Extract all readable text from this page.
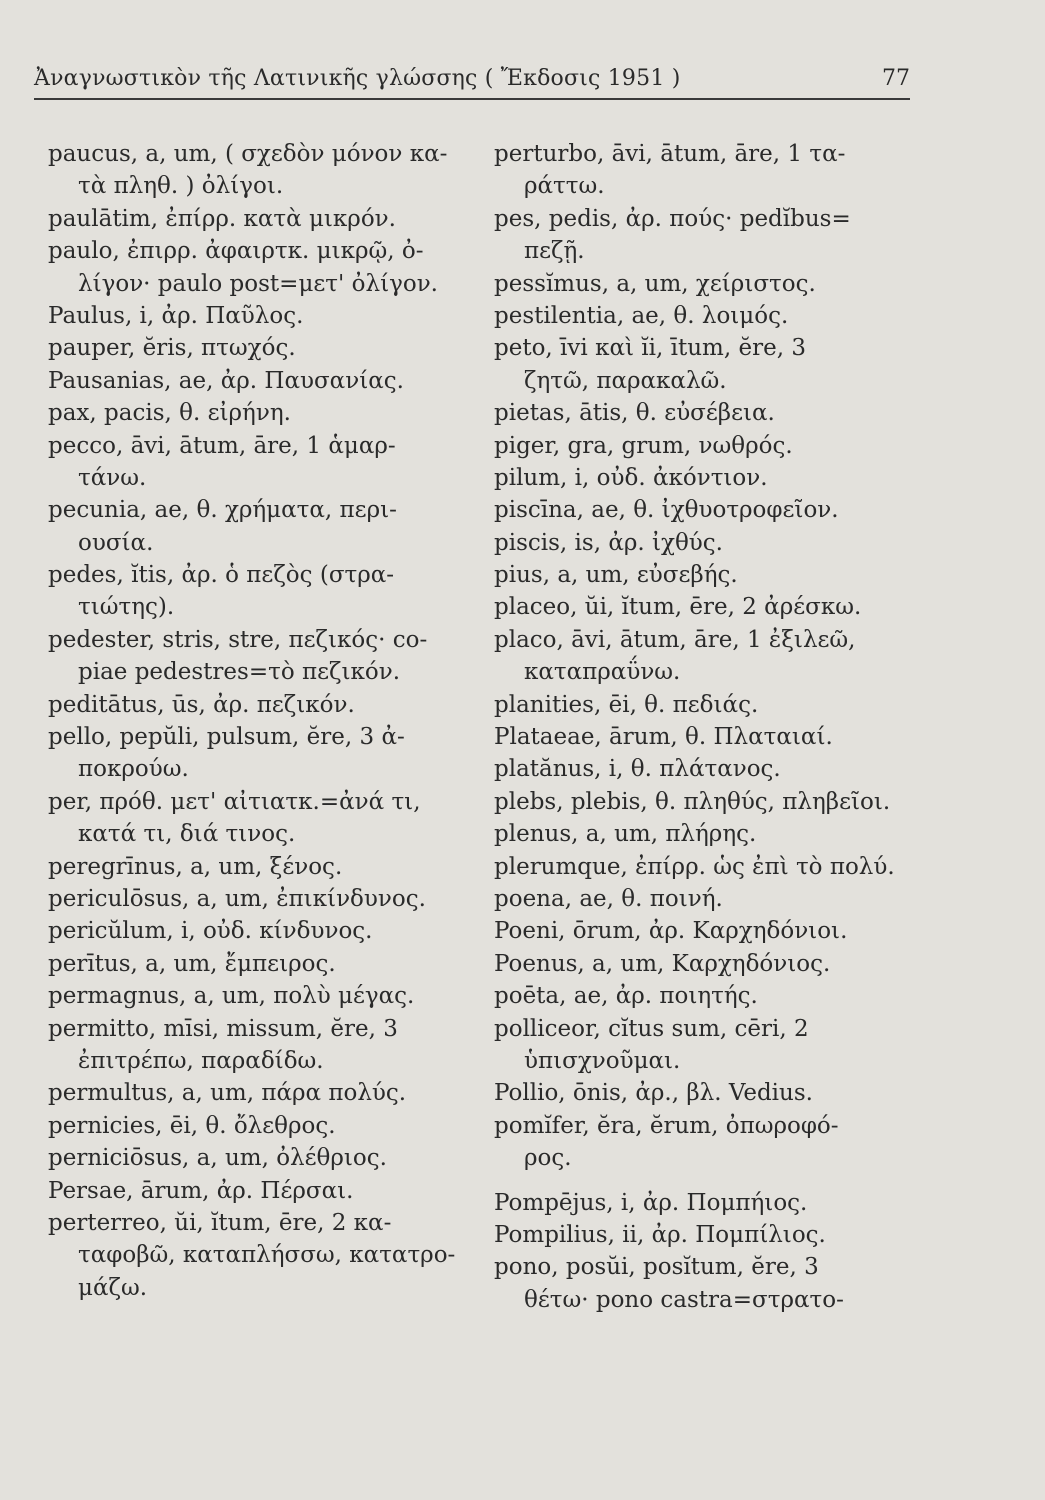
Ἀναγνωστικὸν τῆς Λατινικῆς γλώσσης ( Ἔκδοσις 1951 )	77
paucus, a, um, ( σχεδὸν μόνον κα-
τὰ πληθ. ) ὀλίγοι.
paulātim, ἐπίρρ. κατὰ μικρόν.
paulo, ἐπιρρ. ἀφαιρτκ. μικρῷ, ὀ-
λίγον· paulo post=μετ' ὀλίγον.
Paulus, i, ἀρ. Παῦλος.
pauper, ĕris, πτωχός.
Pausanias, ae, ἀρ. Παυσανίας.
pax, pacis, θ. εἰρήνη.
pecco, āvi, ātum, āre, 1 ἁμαρ-
τάνω.
pecunia, ae, θ. χρήματα, περι-
ουσία.
pedes, ĭtis, ἀρ. ὁ πεζὸς (στρα-
τιώτης).
pedester, stris, stre, πεζικός· co-
piae pedestres=τὸ πεζικόν.
peditātus, ūs, ἀρ. πεζικόν.
pello, pepŭli, pulsum, ĕre, 3 ἀ-
ποκρούω.
per, πρόθ. μετ' αἰτιατκ.=ἀνά τι,
κατά τι, διά τινος.
peregrīnus, a, um, ξένος.
periculōsus, a, um, ἐπικίνδυνος.
pericŭlum, i, οὐδ. κίνδυνος.
perītus, a, um, ἔμπειρος.
permagnus, a, um, πολὺ μέγας.
permitto, mīsi, missum, ĕre, 3
ἐπιτρέπω, παραδίδω.
permultus, a, um, πάρα πολύς.
pernicies, ēi, θ. ὄλεθρος.
perniciōsus, a, um, ὀλέθριος.
Persae, ārum, ἀρ. Πέρσαι.
perterreo, ŭi, ĭtum, ēre, 2 κα-
ταφοβῶ, καταπλήσσω, κατατρο-
μάζω.
perturbo, āvi, ātum, āre, 1 τα-
ράττω.
pes, pedis, ἀρ. πούς· pedĭbus=
πεζῇ.
pessĭmus, a, um, χείριστος.
pestilentia, ae, θ. λοιμός.
peto, īvi καὶ ĭi, ītum, ĕre, 3
ζητῶ, παρακαλῶ.
pietas, ātis, θ. εὐσέβεια.
piger, gra, grum, νωθρός.
pilum, i, οὐδ. ἀκόντιον.
piscīna, ae, θ. ἰχθυοτροφεῖον.
piscis, is, ἀρ. ἰχθύς.
pius, a, um, εὐσεβής.
placeo, ŭi, ĭtum, ēre, 2 ἀρέσκω.
placo, āvi, ātum, āre, 1 ἐξιλεῶ,
καταπραΰνω.
planities, ēi, θ. πεδιάς.
Plataeae, ārum, θ. Πλαταιαί.
platănus, i, θ. πλάτανος.
plebs, plebis, θ. πληθύς, πληβεῖοι.
plenus, a, um, πλήρης.
plerumque, ἐπίρρ. ὡς ἐπὶ τὸ πολύ.
poena, ae, θ. ποινή.
Poeni, ōrum, ἀρ. Καρχηδόνιοι.
Poenus, a, um, Καρχηδόνιος.
poēta, ae, ἀρ. ποιητής.
polliceor, cĭtus sum, cēri, 2
ὑπισχνοῦμαι.
Pollio, ōnis, ἀρ., βλ. Vedius.
pomĭfer, ĕra, ĕrum, ὀπωροφό-
ρος.
Pompējus, i, ἀρ. Πομπήιος.
Pompilius, ii, ἀρ. Πομπίλιος.
pono, posŭi, posĭtum, ĕre, 3
θέτω· pono castra=στρατο-
